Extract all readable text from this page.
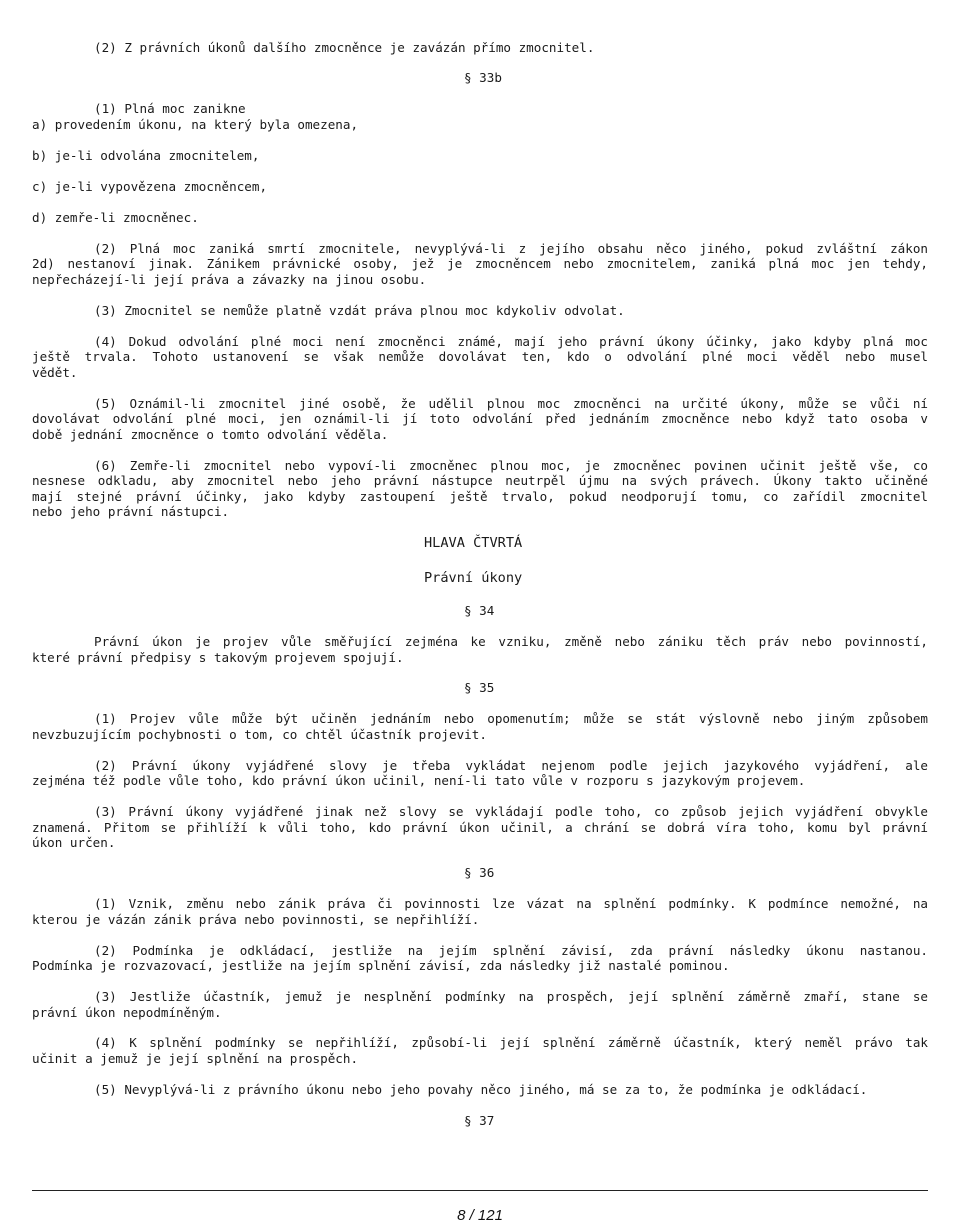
(2) Z právních úkonů dalšího zmocněnce je zavázán přímo zmocnitel.
§ 33b
(1) Plná moc zanikne
a) provedením úkonu, na který byla omezena,
b) je-li odvolána zmocnitelem,
c) je-li vypovězena zmocněncem,
d) zemře-li zmocněnec.
(2) Plná moc zaniká smrtí zmocnitele, nevyplývá-li z jejího obsahu něco jiného, pokud zvláštní zákon
2d) nestanoví jinak. Zánikem právnické osoby, jež je zmocněncem nebo zmocnitelem, zaniká plná moc jen tehdy,
nepřecházejí-li její práva a závazky na jinou osobu.
(3) Zmocnitel se nemůže platně vzdát práva plnou moc kdykoliv odvolat.
(4) Dokud odvolání plné moci není zmocněnci známé, mají jeho právní úkony účinky, jako kdyby plná moc
ještě trvala. Tohoto ustanovení se však nemůže dovolávat ten, kdo o odvolání plné moci věděl nebo musel
vědět.
(5) Oznámil-li zmocnitel jiné osobě, že udělil plnou moc zmocněnci na určité úkony, může se vůči ní
dovolávat odvolání plné moci, jen oznámil-li jí toto odvolání před jednáním zmocněnce nebo když tato osoba v
době jednání zmocněnce o tomto odvolání věděla.
(6) Zemře-li zmocnitel nebo vypoví-li zmocněnec plnou moc, je zmocněnec povinen učinit ještě vše, co
nesnese odkladu, aby zmocnitel nebo jeho právní nástupce neutrpěl újmu na svých právech. Úkony takto učiněné
mají stejné právní účinky, jako kdyby zastoupení ještě trvalo, pokud neodporují tomu, co zařídil zmocnitel
nebo jeho právní nástupci.
HLAVA ČTVRTÁ
Právní úkony
§ 34
Právní úkon je projev vůle směřující zejména ke vzniku, změně nebo zániku těch práv nebo povinností,
které právní předpisy s takovým projevem spojují.
§ 35
(1) Projev vůle může být učiněn jednáním nebo opomenutím; může se stát výslovně nebo jiným způsobem
nevzbuzujícím pochybnosti o tom, co chtěl účastník projevit.
(2) Právní úkony vyjádřené slovy je třeba vykládat nejenom podle jejich jazykového vyjádření, ale
zejména též podle vůle toho, kdo právní úkon učinil, není-li tato vůle v rozporu s jazykovým projevem.
(3) Právní úkony vyjádřené jinak než slovy se vykládají podle toho, co způsob jejich vyjádření obvykle
znamená. Přitom se přihlíží k vůli toho, kdo právní úkon učinil, a chrání se dobrá víra toho, komu byl právní
úkon určen.
§ 36
(1) Vznik, změnu nebo zánik práva či povinnosti lze vázat na splnění podmínky. K podmínce nemožné, na
kterou je vázán zánik práva nebo povinnosti, se nepřihlíží.
(2) Podmínka je odkládací, jestliže na jejím splnění závisí, zda právní následky úkonu nastanou.
Podmínka je rozvazovací, jestliže na jejím splnění závisí, zda následky již nastalé pominou.
(3) Jestliže účastník, jemuž je nesplnění podmínky na prospěch, její splnění záměrně zmaří, stane se
právní úkon nepodmíněným.
(4) K splnění podmínky se nepřihlíží, způsobí-li její splnění záměrně účastník, který neměl právo tak
učinit a jemuž je její splnění na prospěch.
(5) Nevyplývá-li z právního úkonu nebo jeho povahy něco jiného, má se za to, že podmínka je odkládací.
§ 37
8 / 121
